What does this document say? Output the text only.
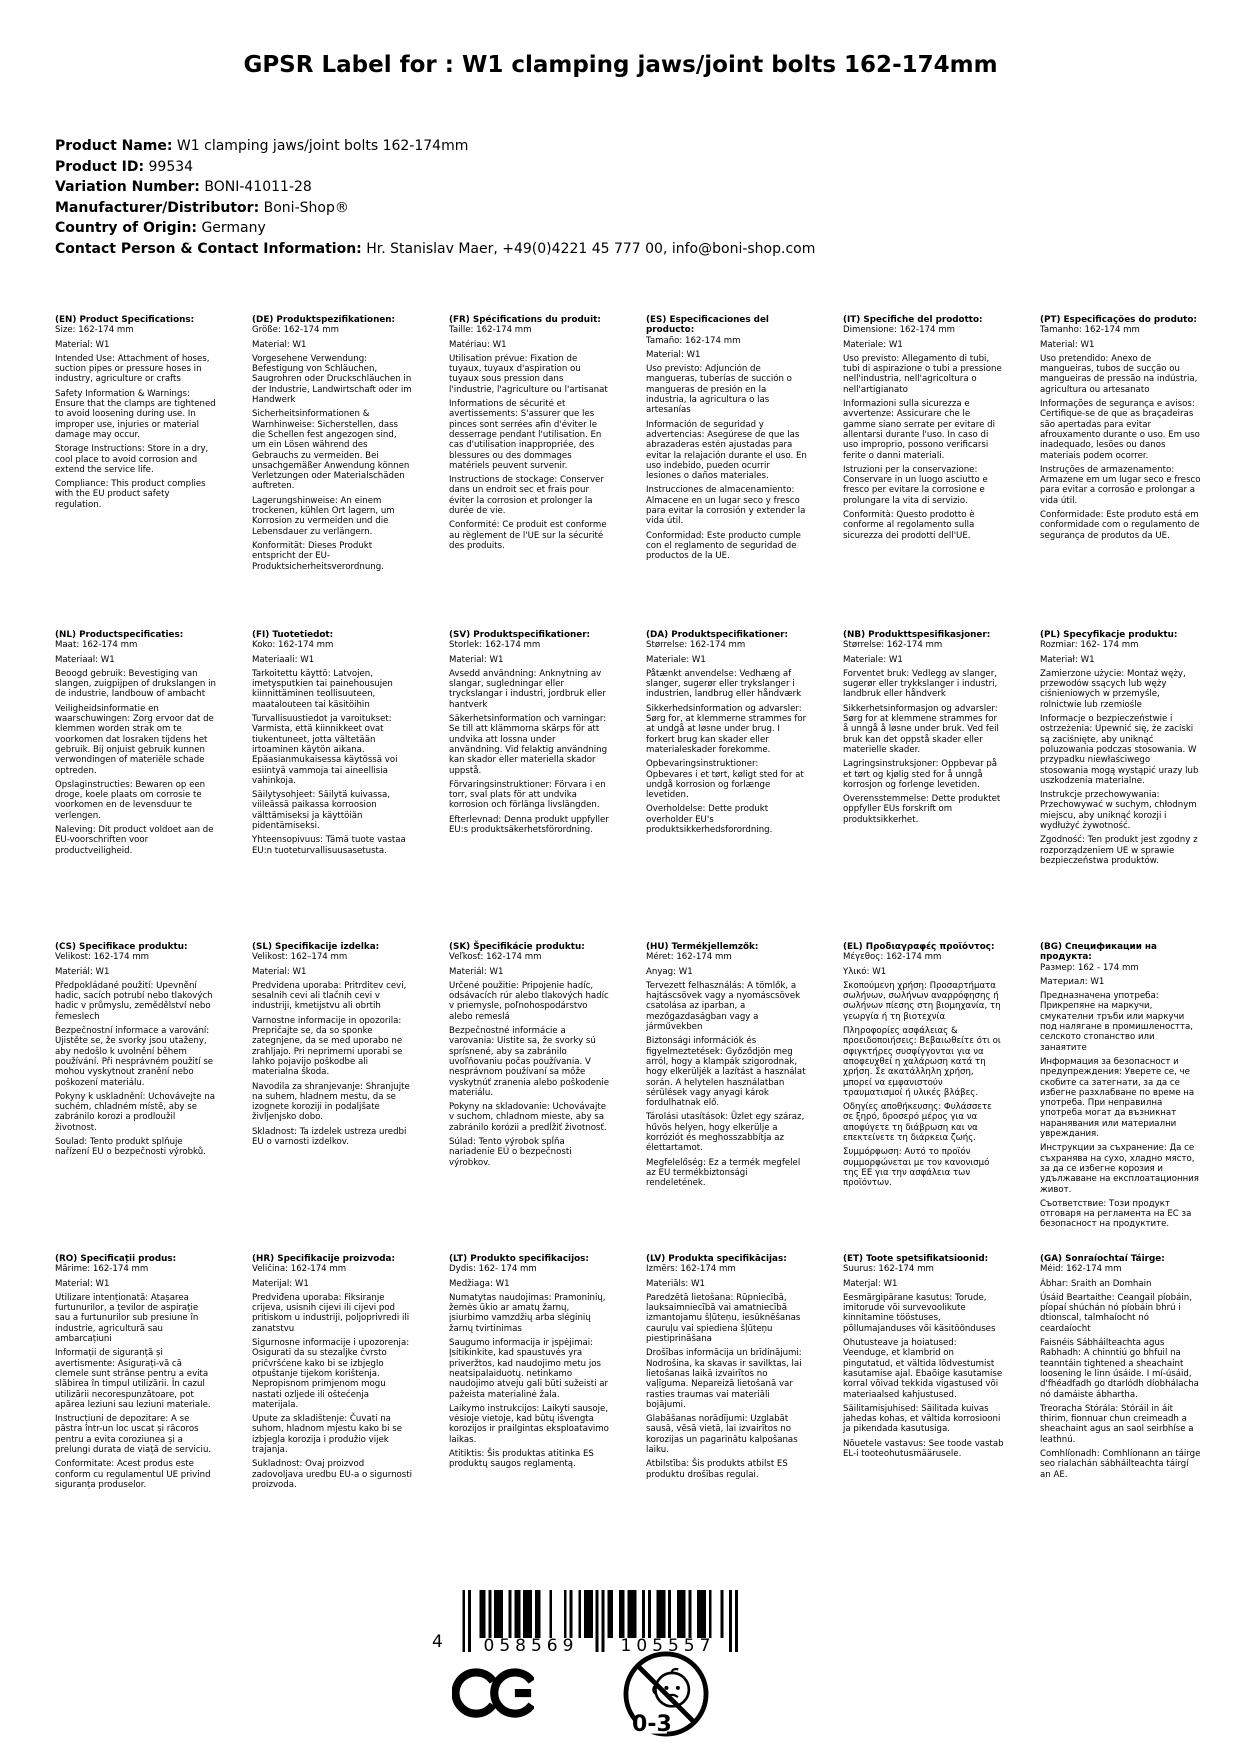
GPSR Label for : W1 clamping jaws/joint bolts 162-174mm
Product Name: W1 clamping jaws/joint bolts 162-174mm
Product ID: 99534
Variation Number: BONI-41011-28
Manufacturer/Distributor: Boni-Shop®
Country of Origin: Germany
Contact Person & Contact Information: Hr. Stanislav Maer, +49(0)4221 45 777 00, info@boni-shop.com
(EN) Product Specifications:

Size: 162-174 mm

Material: W1

Intended Use: Attachment of hoses, suction pipes or pressure hoses in industry, agriculture or crafts

Safety Information & Warnings: Ensure that the clamps are tightened to avoid loosening during use. In improper use, injuries or material damage may occur.

Storage Instructions: Store in a dry, cool place to avoid corrosion and extend the service life.

Compliance: This product complies with the EU product safety regulation.

(DE) Produktspezifikationen:

Größe: 162-174 mm

Material: W1

Vorgesehene Verwendung: Befestigung von Schläuchen, Saugrohren oder Druckschläuchen in der Industrie, Landwirtschaft oder im Handwerk

Sicherheitsinformationen & Warnhinweise: Sicherstellen, dass die Schellen fest angezogen sind, um ein Lösen während des Gebrauchs zu vermeiden. Bei unsachgemäßer Anwendung können Verletzungen oder Materialschäden auftreten.

Lagerungshinweise: An einem trockenen, kühlen Ort lagern, um Korrosion zu vermeiden und die Lebensdauer zu verlängern.

Konformität: Dieses Produkt entspricht der EU-Produktsicherheitsverordnung.

(FR) Spécifications du produit:

Taille: 162-174 mm

Matériau: W1

Utilisation prévue: Fixation de tuyaux, tuyaux d'aspiration ou tuyaux sous pression dans l'industrie, l'agriculture ou l'artisanat

Informations de sécurité et avertissements: S'assurer que les pinces sont serrées afin d'éviter le desserrage pendant l'utilisation. En cas d'utilisation inappropriée, des blessures ou des dommages matériels peuvent survenir.

Instructions de stockage: Conserver dans un endroit sec et frais pour éviter la corrosion et prolonger la durée de vie.

Conformité: Ce produit est conforme au règlement de l'UE sur la sécurité des produits.

(ES) Especificaciones del producto:

Tamaño: 162-174 mm

Material: W1

Uso previsto: Adjunción de mangueras, tuberías de succión o mangueras de presión en la industria, la agricultura o las artesanías

Información de seguridad y advertencias: Asegúrese de que las abrazaderas estén ajustadas para evitar la relajación durante el uso. En uso indebido, pueden ocurrir lesiones o daños materiales.

Instrucciones de almacenamiento: Almacene en un lugar seco y fresco para evitar la corrosión y extender la vida útil.

Conformidad: Este producto cumple con el reglamento de seguridad de productos de la UE.

(IT) Specifiche del prodotto:

Dimensione: 162-174 mm

Materiale: W1

Uso previsto: Allegamento di tubi, tubi di aspirazione o tubi a pressione nell'industria, nell'agricoltura o nell'artigianato

Informazioni sulla sicurezza e avvertenze: Assicurare che le gamme siano serrate per evitare di allentarsi durante l'uso. In caso di uso improprio, possono verificarsi ferite o danni materiali.

Istruzioni per la conservazione: Conservare in un luogo asciutto e fresco per evitare la corrosione e prolungare la vita di servizio.

Conformità: Questo prodotto è conforme al regolamento sulla sicurezza dei prodotti dell'UE.

(PT) Especificações do produto:

Tamanho: 162-174 mm

Material: W1

Uso pretendido: Anexo de mangueiras, tubos de sucção ou mangueiras de pressão na indústria, agricultura ou artesanato

Informações de segurança e avisos: Certifique-se de que as braçadeiras são apertadas para evitar afrouxamento durante o uso. Em uso inadequado, lesões ou danos materiais podem ocorrer.

Instruções de armazenamento: Armazene em um lugar seco e fresco para evitar a corrosão e prolongar a vida útil.

Conformidade: Este produto está em conformidade com o regulamento de segurança de produtos da UE.

(NL) Productspecificaties:

Maat: 162-174 mm

Materiaal: W1

Beoogd gebruik: Bevestiging van slangen, zuigpijpen of drukslangen in de industrie, landbouw of ambacht

Veiligheidsinformatie en waarschuwingen: Zorg ervoor dat de klemmen worden strak om te voorkomen dat losraken tijdens het gebruik. Bij onjuist gebruik kunnen verwondingen of materiële schade optreden.

Opslaginstructies: Bewaren op een droge, koele plaats om corrosie te voorkomen en de levensduur te verlengen.

Naleving: Dit product voldoet aan de EU-voorschriften voor productveiligheid.

(FI) Tuotetiedot:

Koko: 162-174 mm

Materiaali: W1

Tarkoitettu käyttö: Latvojen, imetysputkien tai painehousujen kiinnittäminen teollisuuteen, maatalouteen tai käsitöihin

Turvallisuustiedot ja varoitukset: Varmista, että kiinnikkeet ovat tiukentuneet, jotta vältetään irtoaminen käytön aikana. Epäasianmukaisessa käytössä voi esiintyä vammoja tai aineellisia vahinkoja.

Säilytysohjeet: Säilytä kuivassa, viileässä paikassa korroosion välttämiseksi ja käyttöiän pidentämiseksi.

Yhteensopivuus: Tämä tuote vastaa EU:n tuoteturvallisuusasetusta.

(SV) Produktspecifikationer:

Storlek: 162-174 mm

Material: W1

Avsedd användning: Anknytning av slangar, sugledningar eller tryckslangar i industri, jordbruk eller hantverk

Säkerhetsinformation och varningar: Se till att klämmorna skärps för att undvika att lossna under användning. Vid felaktig användning kan skador eller materiella skador uppstå.

Förvaringsinstruktioner: Förvara i en torr, sval plats för att undvika korrosion och förlänga livslängden.

Efterlevnad: Denna produkt uppfyller EU:s produktsäkerhetsförordning.

(DA) Produktspecifikationer:

Størrelse: 162-174 mm

Materiale: W1

Påtænkt anvendelse: Vedhæng af slanger, sugerør eller trykslanger i industrien, landbrug eller håndværk

Sikkerhedsinformation og advarsler: Sørg for, at klemmerne strammes for at undgå at løsne under brug. I forkert brug kan skader eller materialeskader forekomme.

Opbevaringsinstruktioner: Opbevares i et tørt, køligt sted for at undgå korrosion og forlænge levetiden.

Overholdelse: Dette produkt overholder EU's produktsikkerhedsforordning.

(NB) Produkttspesifikasjoner:

Størrelse: 162-174 mm

Materiale: W1

Forventet bruk: Vedlegg av slanger, sugerør eller trykkslanger i industri, landbruk eller håndverk

Sikkerhetsinformasjon og advarsler: Sørg for at klemmene strammes for å unngå å løsne under bruk. Ved feil bruk kan det oppstå skader eller materielle skader.

Lagringsinstruksjoner: Oppbevar på et tørt og kjølig sted for å unngå korrosjon og forlenge levetiden.

Overensstemmelse: Dette produktet oppfyller EUs forskrift om produktsikkerhet.

(PL) Specyfikacje produktu:

Rozmiar: 162- 174 mm

Materiał: W1

Zamierzone użycie: Montaż węży, przewodów ssących lub węży ciśnieniowych w przemyśle, rolnictwie lub rzemiośle

Informacje o bezpieczeństwie i ostrzeżenia: Upewnić się, że zaciski są zaciśnięte, aby uniknąć poluzowania podczas stosowania. W przypadku niewłaściwego stosowania mogą wystąpić urazy lub uszkodzenia materialne.

Instrukcje przechowywania: Przechowywać w suchym, chłodnym miejscu, aby uniknąć korozji i wydłużyć żywotność.

Zgodność: Ten produkt jest zgodny z rozporządzeniem UE w sprawie bezpieczeństwa produktów.

(CS) Specifikace produktu:

Velikost: 162-174 mm

Materiál: W1

Předpokládané použití: Upevnění hadic, sacích potrubí nebo tlakových hadic v průmyslu, zemědělství nebo řemeslech

Bezpečnostní informace a varování: Ujistěte se, že svorky jsou utaženy, aby nedošlo k uvolnění během používání. Při nesprávném použití se mohou vyskytnout zranění nebo poškození materiálu.

Pokyny k uskladnění: Uchovávejte na suchém, chladném místě, aby se zabránilo korozi a prodloužil životnost.

Soulad: Tento produkt splňuje nařízení EU o bezpečnosti výrobků.

(SL) Specifikacije izdelka:

Velikost: 162–174 mm

Material: W1

Predvidena uporaba: Pritrditev cevi, sesalnih cevi ali tlačnih cevi v industriji, kmetijstvu ali obrtih

Varnostne informacije in opozorila: Prepričajte se, da so sponke zategnjene, da se med uporabo ne zrahljajo. Pri neprimerni uporabi se lahko pojavijo poškodbe ali materialna škoda.

Navodila za shranjevanje: Shranjujte na suhem, hladnem mestu, da se izognete koroziji in podaljšate življenjsko dobo.

Skladnost: Ta izdelek ustreza uredbi EU o varnosti izdelkov.

(SK) Špecifikácie produktu:

Veľkosť: 162-174 mm

Materiál: W1

Určené použitie: Pripojenie hadíc, odsávacích rúr alebo tlakových hadíc v priemysle, poľnohospodárstvo alebo remeslá

Bezpečnostné informácie a varovania: Uistite sa, že svorky sú sprísnené, aby sa zabránilo uvoľňovaniu počas používania. V nesprávnom používaní sa môže vyskytnúť zranenia alebo poškodenie materiálu.

Pokyny na skladovanie: Uchovávajte v suchom, chladnom mieste, aby sa zabránilo korózii a predĺžiť životnosť.

Súlad: Tento výrobok spĺňa nariadenie EÚ o bezpečnosti výrobkov.

(HU) Termékjellemzők:

Méret: 162-174 mm

Anyag: W1

Tervezett felhasználás: A tömlők, a hajtáscsövek vagy a nyomáscsövek csatolása az iparban, a mezőgazdaságban vagy a járművekben

Biztonsági információk és figyelmeztetések: Győződjön meg arról, hogy a klampák szigorodnak, hogy elkerüljék a lazítást a használat során. A helytelen használatban sérülések vagy anyagi károk fordulhatnak elő.

Tárolási utasítások: Üzlet egy száraz, hűvös helyen, hogy elkerülje a korróziót és meghosszabbítja az élettartamot.

Megfelelőség: Ez a termék megfelel az EU termékbiztonsági rendeletének.

(EL) Προδιαγραφές προϊόντος:

Μέγεθος: 162-174 mm

Υλικό: W1

Σκοπούμενη χρήση: Προσαρτήματα σωλήνων, σωλήνων αναρρόφησης ή σωλήνων πίεσης στη βιομηχανία, τη γεωργία ή τη βιοτεχνία

Πληροφορίες ασφάλειας & προειδοποιήσεις: Βεβαιωθείτε ότι οι σφιγκτήρες συσφίγγονται για να αποφευχθεί η χαλάρωση κατά τη χρήση. Σε ακατάλληλη χρήση, μπορεί να εμφανιστούν τραυματισμοί ή υλικές βλάβες.

Οδηγίες αποθήκευσης: Φυλάσσετε σε ξηρό, δροσερό μέρος για να αποφύγετε τη διάβρωση και να επεκτείνετε τη διάρκεια ζωής.

Συμμόρφωση: Αυτό το προϊόν συμμορφώνεται με τον κανονισμό της ΕΕ για την ασφάλεια των προϊόντων.

(BG) Спецификации на продукта:

Размер: 162 - 174 mm

Материал: W1

Предназначена употреба: Прикрепяне на маркучи, смукателни тръби или маркучи под налягане в промишлеността, селското стопанство или занаятите

Информация за безопасност и предупреждения: Уверете се, че скобите са затегнати, за да се избегне разхлабване по време на употреба. При неправилна употреба могат да възникнат наранявания или материални увреждания.

Инструкции за съхранение: Да се съхранява на сухо, хладно място, за да се избегне корозия и удължаване на експлоатационния живот.

Съответствие: Този продукт отговаря на регламента на ЕС за безопасност на продуктите.

(RO) Specificații produs:

Mărime: 162-174 mm

Material: W1

Utilizare intenționată: Atașarea furtunurilor, a țevilor de aspirație sau a furtunurilor sub presiune în industrie, agricultură sau ambarcațiuni

Informații de siguranță și avertismente: Asigurați-vă că clemele sunt strânse pentru a evita slăbirea în timpul utilizării. În cazul utilizării necorespunzătoare, pot apărea leziuni sau leziuni materiale.

Instrucțiuni de depozitare: A se păstra într-un loc uscat și răcoros pentru a evita coroziunea și a prelungi durata de viață de serviciu.

Conformitate: Acest produs este conform cu regulamentul UE privind siguranța produselor.

(HR) Specifikacije proizvoda:

Veličina: 162-174 mm

Materijal: W1

Predviđena uporaba: Fiksiranje crijeva, usisnih cijevi ili cijevi pod pritiskom u industriji, poljoprivredi ili zanatstvu

Sigurnosne informacije i upozorenja: Osigurati da su stezaljke čvrsto pričvršćene kako bi se izbjeglo otpuštanje tijekom korištenja. Nepropisnom primjenom mogu nastati ozljede ili oštećenja materijala.

Upute za skladištenje: Čuvati na suhom, hladnom mjestu kako bi se izbjegla korozija i produžio vijek trajanja.

Sukladnost: Ovaj proizvod zadovoljava uredbu EU-a o sigurnosti proizvoda.

(LT) Produkto specifikacijos:

Dydis: 162- 174 mm

Medžiaga: W1

Numatytas naudojimas: Pramoninių, žemės ūkio ar amatų žarnų, įsiurbimo vamzdžių arba slėginių žarnų tvirtinimas

Saugumo informacija ir įspėjimai: Įsitikinkite, kad spaustuvės yra priveržtos, kad naudojimo metu jos neatsipalaiduotų. netinkamo naudojimo atveju gali būti sužeisti ar pažeista materialinė žala.

Laikymo instrukcijos: Laikyti sausoje, vėsioje vietoje, kad būtų išvengta korozijos ir prailgintas eksploatavimo laikas.

Atitiktis: Šis produktas atitinka ES produktų saugos reglamentą.

(LV) Produkta specifikācijas:

Izmērs: 162-174 mm

Materiāls: W1

Paredzētā lietošana: Rūpniecībā, lauksaimniecībā vai amatniecībā izmantojamu šļūteņu, iesūknēšanas cauruļu vai spiediena šļūteņu piestiprināšana

Drošības informācija un brīdinājumi: Nodrošina, ka skavas ir savilktas, lai lietošanas laikā izvairītos no vaļīguma. Nepareizā lietošanā var rasties traumas vai materiāli bojājumi.

Glabāšanas norādījumi: Uzglabāt sausā, vēsā vietā, lai izvairītos no korozijas un pagarinātu kalpošanas laiku.

Atbilstība: Šis produkts atbilst ES produktu drošības regulai.

(ET) Toote spetsifikatsioonid:

Suurus: 162-174 mm

Materjal: W1

Eesmärgipärane kasutus: Torude, imitorude või survevoolikute kinnitamine tööstuses, põllumajanduses või käsitöönduses

Ohutusteave ja hoiatused: Veenduge, et klambrid on pingutatud, et vältida lõdvestumist kasutamise ajal. Ebaõige kasutamise korral võivad tekkida vigastused või materiaalsed kahjustused.

Säilitamisjuhised: Säilitada kuivas jahedas kohas, et vältida korrosiooni ja pikendada kasutusiga.

Nõuetele vastavus: See toode vastab EL-i tooteohutusmäärusele.

(GA) Sonraíochtaí Táirge:

Méid: 162-174 mm

Ábhar: Sraith an Domhain

Úsáid Beartaithe: Ceangail píobáin, píopaí shúchán nó píobáin bhrú i dtionscal, talmhaíocht nó ceardaíocht

Faisnéis Sábháilteachta agus Rabhadh: A chinntiú go bhfuil na teanntáin tightened a sheachaint loosening le linn úsáide. I mí-úsáid, d'fhéadfadh go dtarlódh díobhálacha nó damáiste ábhartha.

Treoracha Stórála: Stóráil in áit thirim, fionnuar chun creimeadh a sheachaint agus an saol seirbhíse a leathnú.

Comhlíonadh: Comhlíonann an táirge seo rialachán sábháilteachta táirgí an AE.

4	058569	105557
0-3
